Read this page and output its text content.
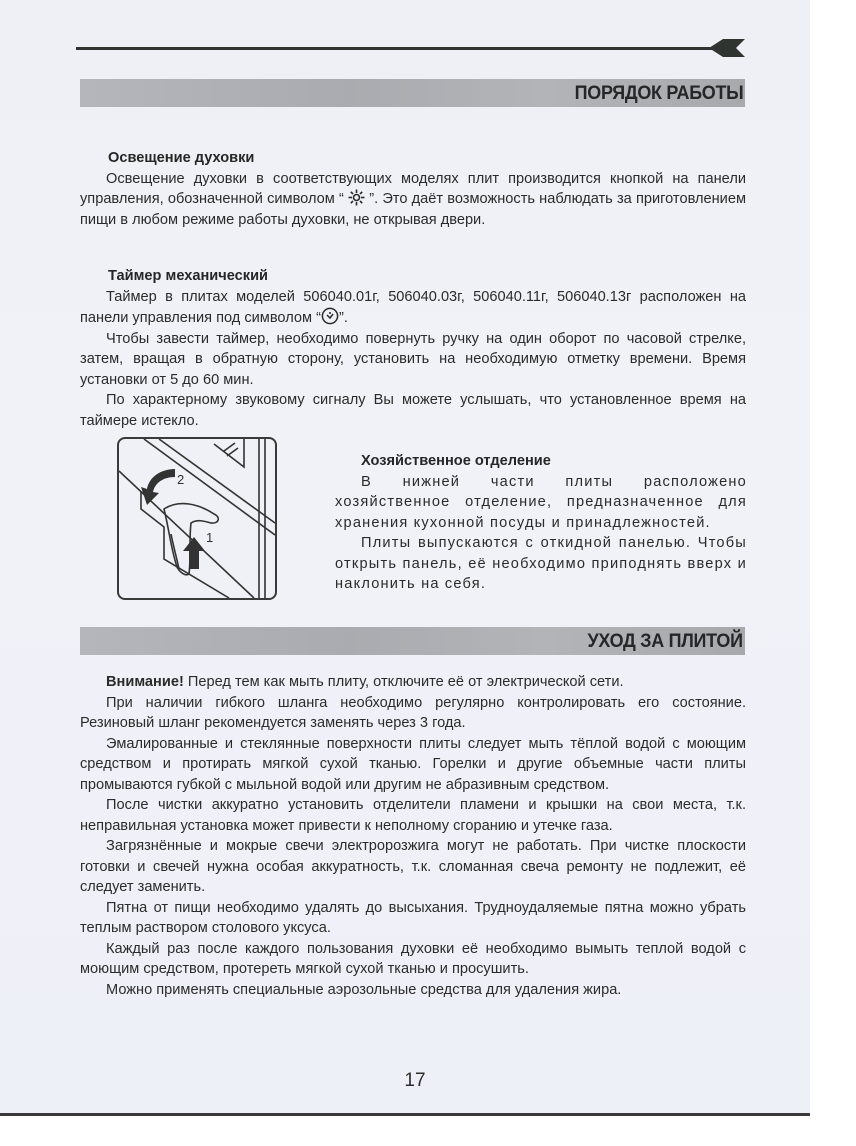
ПОРЯДОК РАБОТЫ
Освещение духовки

Освещение духовки в соответствующих моделях плит производится кнопкой на панели управления, обозначенной символом “  ”. Это даёт возможность наблюдать за приготовлением пищи в любом режиме работы духовки, не открывая двери.

Таймер механический

Таймер в плитах моделей 506040.01г, 506040.03г, 506040.11г, 506040.13г расположен на панели управления под символом “ ”.

Чтобы завести таймер, необходимо повернуть ручку на один оборот по часовой стрелке, затем, вращая в обратную сторону, установить на необходимую отметку времени. Время установки от 5 до 60 мин.

По характерному звуковому сигналу Вы можете услышать, что установленное время на таймере истекло.

2
1
Хозяйственное отделение

В нижней части плиты расположено хозяйственное отделение, предназначенное для хранения кухонной посуды и принадлежностей.

Плиты выпускаются с откидной панелью. Чтобы открыть панель, её необходимо приподнять вверх и наклонить на себя.

УХОД ЗА ПЛИТОЙ

Внимание! Перед тем как мыть плиту, отключите её от электрической сети.

При наличии гибкого шланга необходимо регулярно контролировать его состояние. Резиновый шланг рекомендуется заменять через 3 года.

Эмалированные и стеклянные поверхности плиты следует мыть тёплой водой с моющим средством и протирать мягкой сухой тканью. Горелки и другие объемные части плиты промываются губкой с мыльной водой или другим не абразивным средством.

После чистки аккуратно установить отделители пламени и крышки на свои места, т.к. неправильная установка может привести к неполному сгоранию и утечке газа.

Загрязнённые и мокрые свечи электророзжига могут не работать. При чистке плоскости готовки и свечей нужна особая аккуратность, т.к. сломанная свеча ремонту не подлежит, её следует заменить.

Пятна от пищи необходимо удалять до высыхания. Трудноудаляемые пятна можно убрать теплым раствором столового уксуса.

Каждый раз после каждого пользования духовки её необходимо вымыть теплой водой с моющим средством, протереть мягкой сухой тканью и просушить.

Можно применять специальные аэрозольные средства для удаления жира.

17
